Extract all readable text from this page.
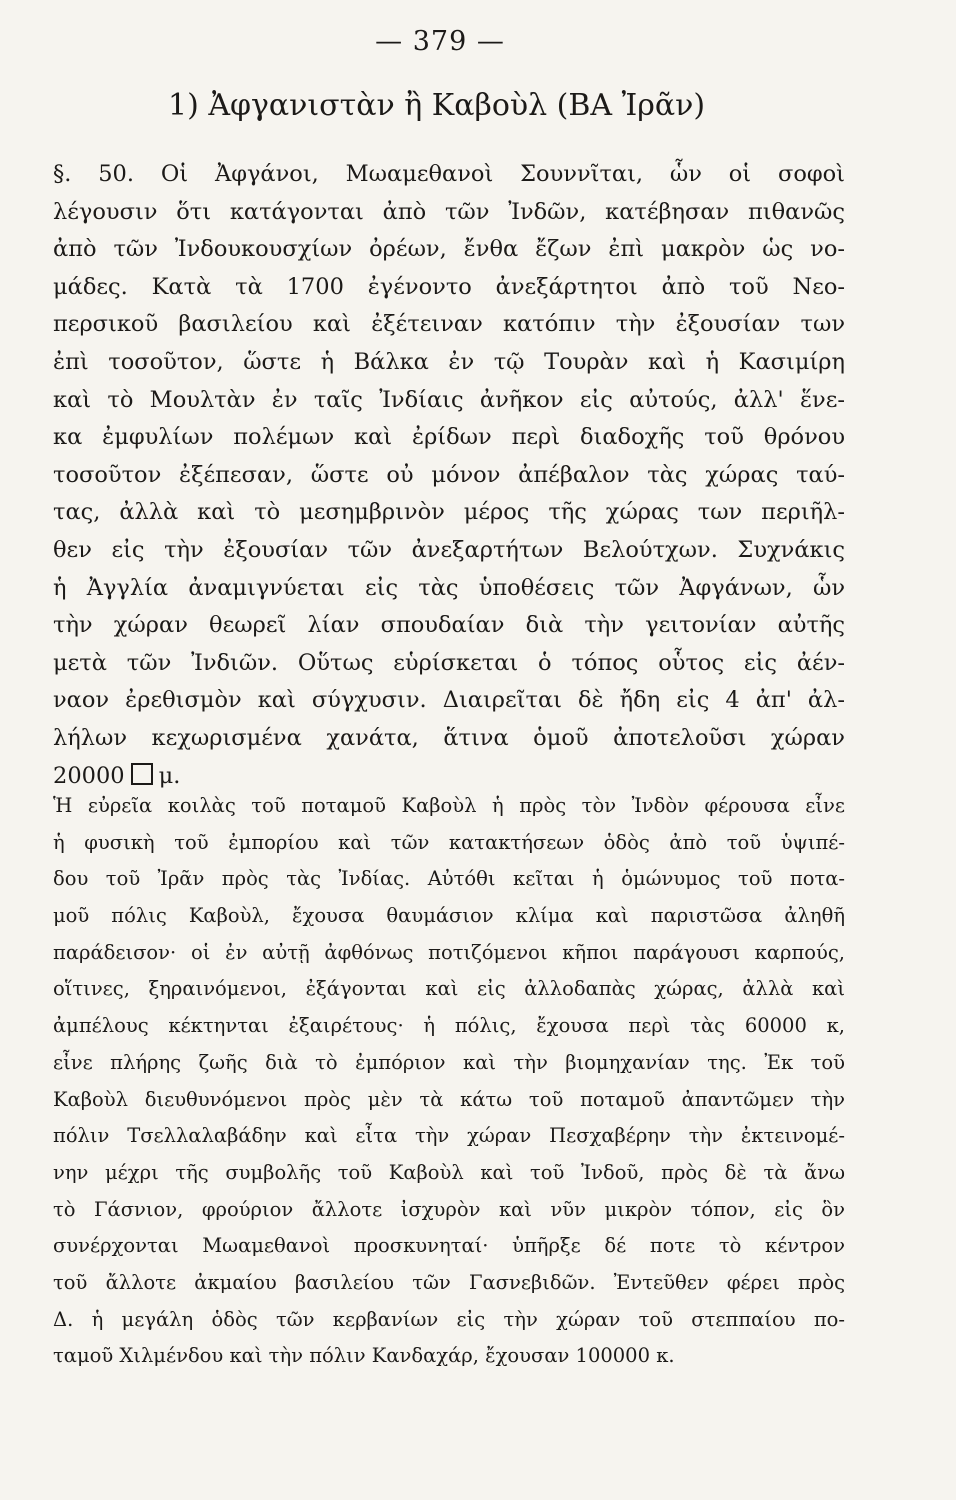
— 379 —
1) Ἀφγανιστὰν ἢ Καβοὺλ (ΒΑ Ἰρᾶν)
§. 50. Οἱ Ἀφγάνοι, Μωαμεθανοὶ Σουννῖται, ὧν οἱ σοφοὶ
λέγουσιν ὅτι κατάγονται ἀπὸ τῶν Ἰνδῶν, κατέβησαν πιθανῶς
ἀπὸ τῶν Ἰνδουκουσχίων ὀρέων, ἔνθα ἔζων ἐπὶ μακρὸν ὡς νο-
μάδες. Κατὰ τὰ 1700 ἐγένοντο ἀνεξάρτητοι ἀπὸ τοῦ Νεο-
περσικοῦ βασιλείου καὶ ἐξέτειναν κατόπιν τὴν ἐξουσίαν των
ἐπὶ τοσοῦτον, ὥστε ἡ Βάλκα ἐν τῷ Τουρὰν καὶ ἡ Κασιμίρη
καὶ τὸ Μουλτὰν ἐν ταῖς Ἰνδίαις ἀνῆκον εἰς αὐτούς, ἀλλ' ἕνε-
κα ἐμφυλίων πολέμων καὶ ἐρίδων περὶ διαδοχῆς τοῦ θρόνου
τοσοῦτον ἐξέπεσαν, ὥστε οὐ μόνον ἀπέβαλον τὰς χώρας ταύ-
τας, ἀλλὰ καὶ τὸ μεσημβρινὸν μέρος τῆς χώρας των περιῆλ-
θεν εἰς τὴν ἐξουσίαν τῶν ἀνεξαρτήτων Βελούτχων. Συχνάκις
ἡ Ἀγγλία ἀναμιγνύεται εἰς τὰς ὑποθέσεις τῶν Ἀφγάνων, ὧν
τὴν χώραν θεωρεῖ λίαν σπουδαίαν διὰ τὴν γειτονίαν αὐτῆς
μετὰ τῶν Ἰνδιῶν. Οὕτως εὑρίσκεται ὁ τόπος οὗτος εἰς ἀέν-
ναον ἐρεθισμὸν καὶ σύγχυσιν. Διαιρεῖται δὲ ἤδη εἰς 4 ἀπ' ἀλ-
λήλων κεχωρισμένα χανάτα, ἅτινα ὁμοῦ ἀποτελοῦσι χώραν
20000 μ.
Ἡ εὐρεῖα κοιλὰς τοῦ ποταμοῦ Καβοὺλ ἡ πρὸς τὸν Ἰνδὸν φέρουσα εἶνε
ἡ φυσικὴ τοῦ ἐμπορίου καὶ τῶν κατακτήσεων ὁδὸς ἀπὸ τοῦ ὑψιπέ-
δου τοῦ Ἰρᾶν πρὸς τὰς Ἰνδίας. Αὐτόθι κεῖται ἡ ὁμώνυμος τοῦ ποτα-
μοῦ πόλις Καβοὺλ, ἔχουσα θαυμάσιον κλίμα καὶ παριστῶσα ἀληθῆ
παράδεισον· οἱ ἐν αὐτῇ ἀφθόνως ποτιζόμενοι κῆποι παράγουσι καρπούς,
οἵτινες, ξηραινόμενοι, ἐξάγονται καὶ εἰς ἀλλοδαπὰς χώρας, ἀλλὰ καὶ
ἀμπέλους κέκτηνται ἐξαιρέτους· ἡ πόλις, ἔχουσα περὶ τὰς 60000 κ,
εἶνε πλήρης ζωῆς διὰ τὸ ἐμπόριον καὶ τὴν βιομηχανίαν της. Ἐκ τοῦ
Καβοὺλ διευθυνόμενοι πρὸς μὲν τὰ κάτω τοῦ ποταμοῦ ἀπαντῶμεν τὴν
πόλιν Τσελλαλαβάδην καὶ εἶτα τὴν χώραν Πεσχαβέρην τὴν ἐκτεινομέ-
νην μέχρι τῆς συμβολῆς τοῦ Καβοὺλ καὶ τοῦ Ἰνδοῦ, πρὸς δὲ τὰ ἄνω
τὸ Γάσνιον, φρούριον ἄλλοτε ἰσχυρὸν καὶ νῦν μικρὸν τόπον, εἰς ὃν
συνέρχονται Μωαμεθανοὶ προσκυνηταί· ὑπῆρξε δέ ποτε τὸ κέντρον
τοῦ ἄλλοτε ἀκμαίου βασιλείου τῶν Γασνεβιδῶν. Ἐντεῦθεν φέρει πρὸς
Δ. ἡ μεγάλη ὁδὸς τῶν κερβανίων εἰς τὴν χώραν τοῦ στεππαίου πο-
ταμοῦ Χιλμένδου καὶ τὴν πόλιν Κανδαχάρ, ἔχουσαν 100000 κ.
